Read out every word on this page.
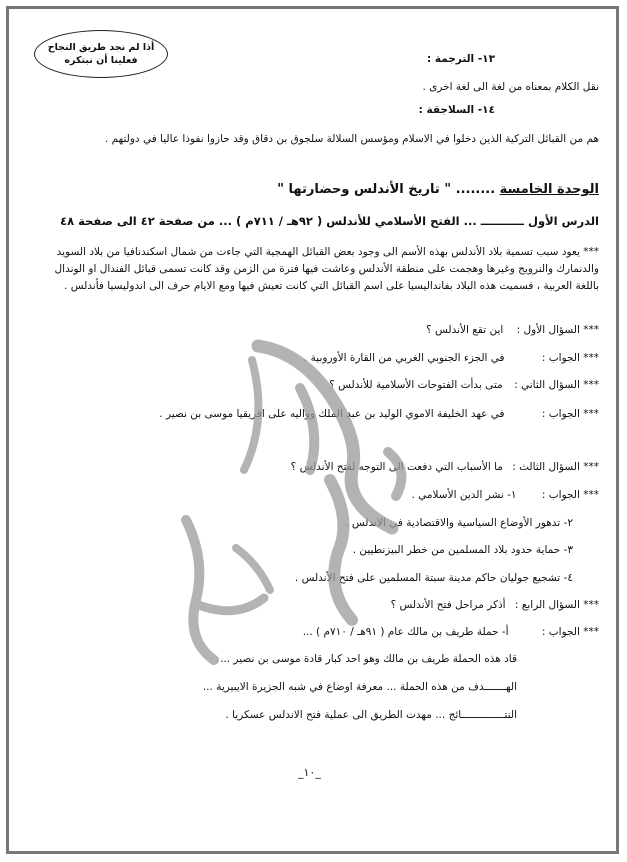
أذا لم نجد طريق النجاح فعلينا أن نبتكره	١٣- الترجمة :
نقل الكلام بمعناه من لغة الى لغة اخرى .
١٤- السلاجقة :
هم من القبائل التركية الذين دخلوا في الاسلام ومؤسس السلالة سلجوق بن دقاق وقد حازوا نفوذا عاليا في دولتهم .
الوحدة الخامسة ........ " تاريخ الأندلس وحضارتها "
الدرس الأول ـــــــــــ ... الفتح الأسلامي للأندلس ( ٩٢هـ / ٧١١م ) ... من صفحة ٤٢ الى صفحة ٤٨
*** يعود سبب تسمية بلاد الأندلس بهذه الأسم الى وجود بعض القبائل الهمجية التي جاءت من شمال اسكندنافيا من بلاد السويد والدنمارك والنرويج وغيرها وهجمت على منطقة الأندلس وعاشت فيها فترة من الزمن وقد كانت تسمى قبائل الفندال او الوندال باللغة العربية ، فسميت هذه البلاد بفانداليسيا على اسم القبائل التي كانت تعيش فيها ومع الايام حرف الى اندوليسيا فأندلس .
*** السؤال الأول : اين تقع الأندلس ؟
*** الجواب : في الجزء الجنوبي الغربي من القارة الأوروبية .
*** السؤال الثاني : متى بدأت الفتوحات الأسلامية للأندلس ؟
*** الجواب : في عهد الخليفة الاموي الوليد بن عبد الملك وواليه على افريقيا موسى بن نصير .
*** السؤال الثالث : ما الأسباب التي دفعت الى التوجه لفتح الأندلس ؟
*** الجواب : ١- نشر الدين الأسلامي .
٢- تدهور الأوضاع السياسية والاقتصادية في الاندلس .
٣- حماية حدود بلاد المسلمين من خطر البيزنطيين .
٤- تشجيع جوليان حاكم مدينة سبتة المسلمين على فتح الأندلس .
*** السؤال الرابع : أذكر مراحل فتح الأندلس ؟
*** الجواب : أ- حملة طريف بن مالك عام ( ٩١هـ / ٧١٠م ) ...
قاد هذه الحملة طريف بن مالك وهو احد كبار قادة موسى بن نصير ...
الهـــــــدف من هذه الحملة ... معرفة اوضاع في شبه الجزيرة الايبيرية ...
النتــــــــــــــائج ... مهدت الطريق الى عملية فتح الاندلس عسكريا .
_١٠_
